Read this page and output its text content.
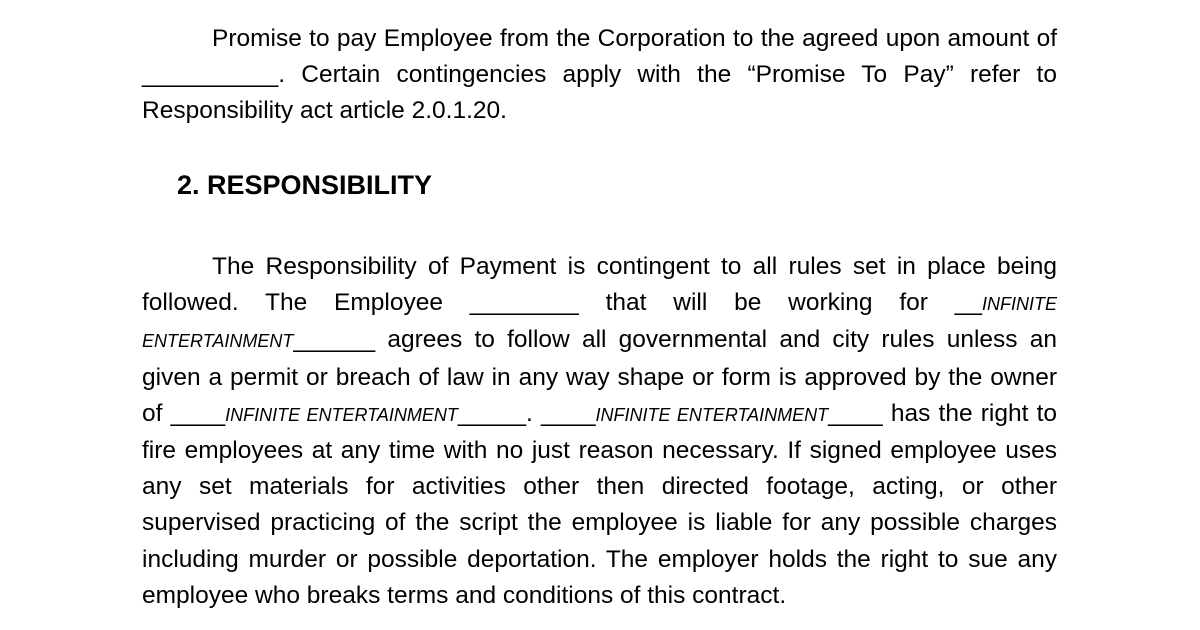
Promise to pay Employee from the Corporation to the agreed upon amount of __________. Certain contingencies apply with the “Promise To Pay” refer to Responsibility act article 2.0.1.20.

2. RESPONSIBILITY

The Responsibility of Payment is contingent to all rules set in place being followed. The Employee ________ that will be working for __INFINITE ENTERTAINMENT______ agrees to follow all governmental and city rules unless an given a permit or breach of law in any way shape or form is approved by the owner of ____INFINITE ENTERTAINMENT_____. ____INFINITE ENTERTAINMENT____ has the right to fire employees at any time with no just reason necessary. If signed employee uses any set materials for activities other then directed footage, acting, or other supervised practicing of the script the employee is liable for any possible charges including murder or possible deportation. The employer holds the right to sue any employee who breaks terms and conditions of this contract.
